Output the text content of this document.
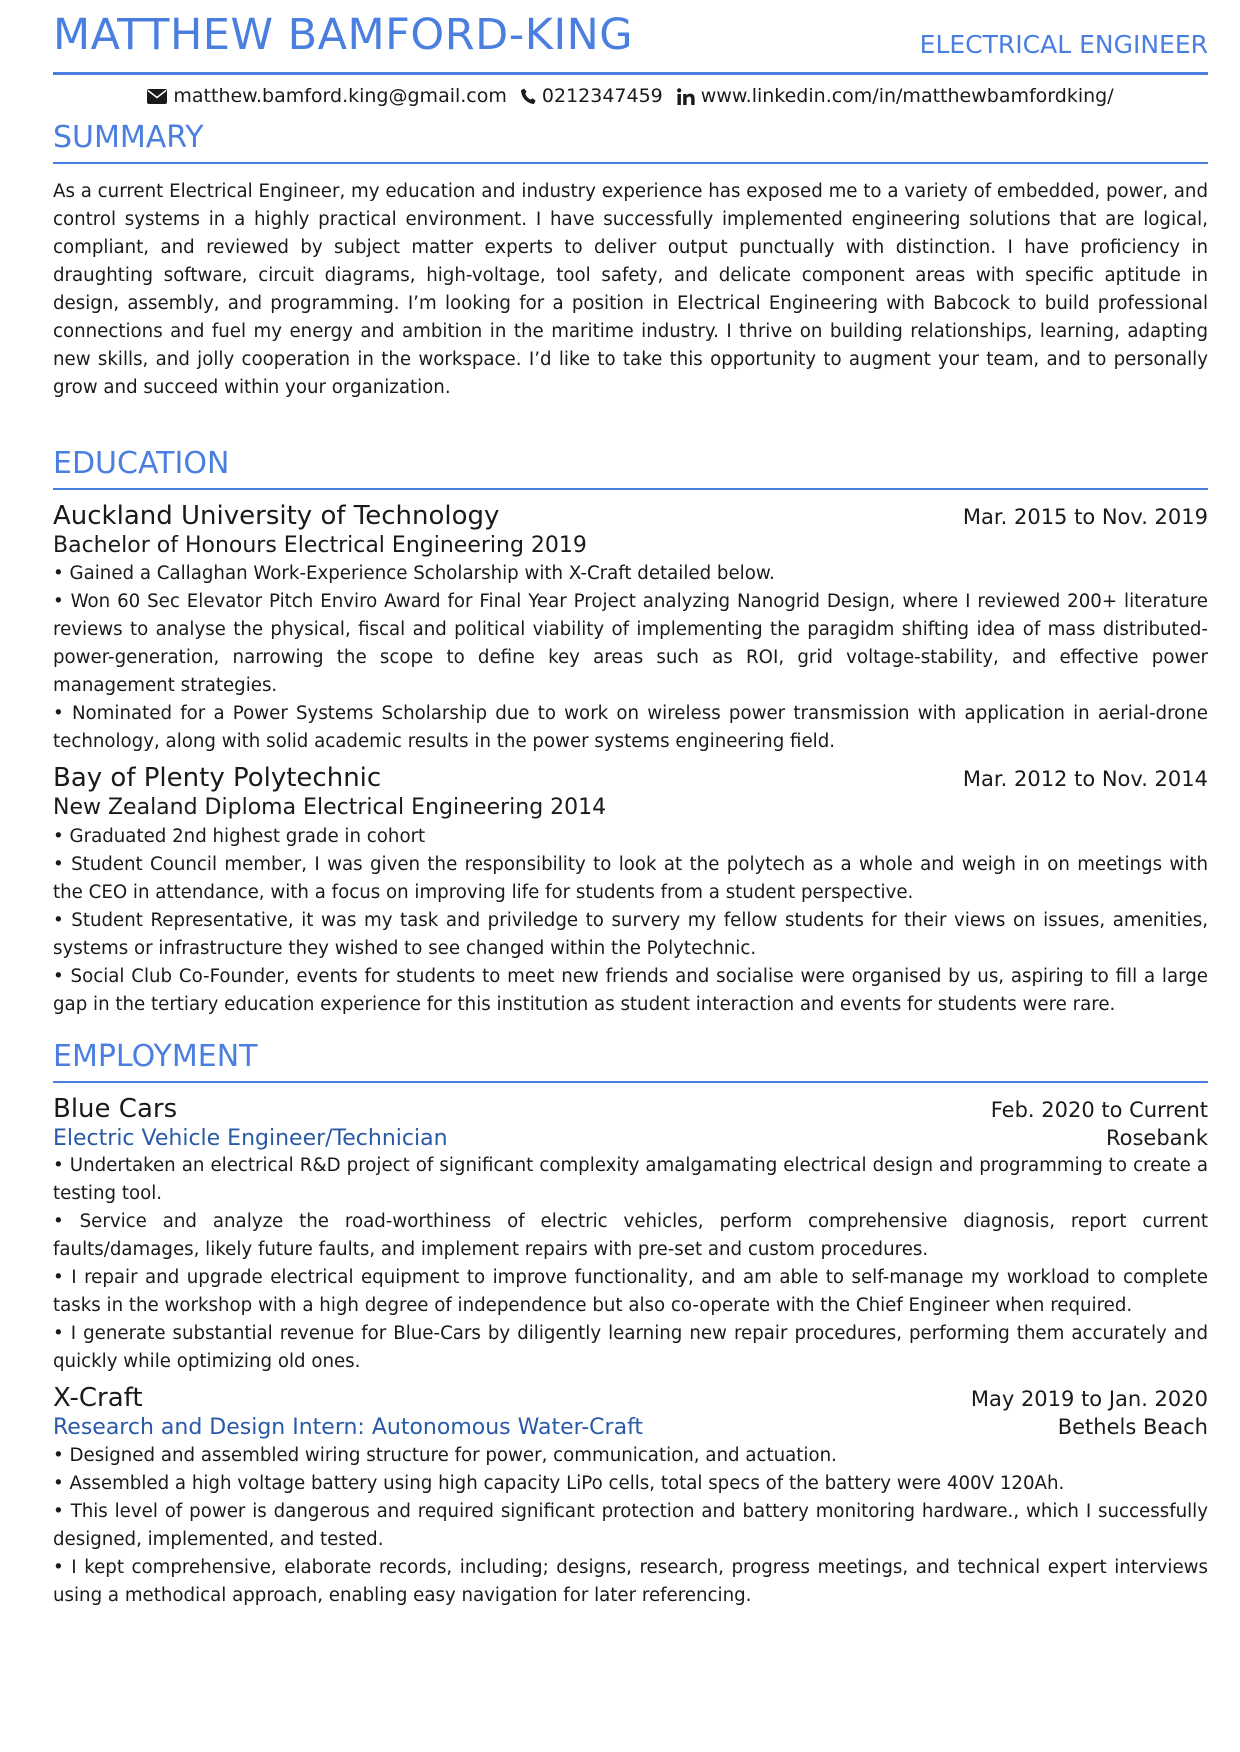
MATTHEW BAMFORD-KING	ELECTRICAL ENGINEER
matthew.bamford.king@gmail.com 0212347459 www.linkedin.com/in/matthewbamfordking/
SUMMARY

As a current Electrical Engineer, my education and industry experience has exposed me to a variety of embedded, power, and control systems in a highly practical environment. I have successfully implemented engineering solutions that are logical, compliant, and reviewed by subject matter experts to deliver output punctually with distinction. I have proficiency in draughting software, circuit diagrams, high-voltage, tool safety, and delicate component areas with specific aptitude in design, assembly, and programming. I’m looking for a position in Electrical Engineering with Babcock to build professional connections and fuel my energy and ambition in the maritime industry. I thrive on building relationships, learning, adapting new skills, and jolly cooperation in the workspace. I’d like to take this opportunity to augment your team, and to personally grow and succeed within your organization.

EDUCATION
Auckland University of Technology	Mar. 2015 to Nov. 2019
Bachelor of Honours Electrical Engineering 2019

• Gained a Callaghan Work-Experience Scholarship with X-Craft detailed below.

• Won 60 Sec Elevator Pitch Enviro Award for Final Year Project analyzing Nanogrid Design, where I reviewed 200+ literature reviews to analyse the physical, fiscal and political viability of implementing the paragidm shifting idea of mass distributed-power-generation, narrowing the scope to define key areas such as ROI, grid voltage-stability, and effective power management strategies.

• Nominated for a Power Systems Scholarship due to work on wireless power transmission with application in aerial-drone technology, along with solid academic results in the power systems engineering field.

Bay of Plenty Polytechnic	Mar. 2012 to Nov. 2014
New Zealand Diploma Electrical Engineering 2014

• Graduated 2nd highest grade in cohort

• Student Council member, I was given the responsibility to look at the polytech as a whole and weigh in on meetings with the CEO in attendance, with a focus on improving life for students from a student perspective.

• Student Representative, it was my task and priviledge to survery my fellow students for their views on issues, amenities, systems or infrastructure they wished to see changed within the Polytechnic.

• Social Club Co-Founder, events for students to meet new friends and socialise were organised by us, aspiring to fill a large gap in the tertiary education experience for this institution as student interaction and events for students were rare.

EMPLOYMENT
Blue Cars	Feb. 2020 to Current
Electric Vehicle Engineer/Technician	Rosebank

• Undertaken an electrical R&D project of significant complexity amalgamating electrical design and programming to create a testing tool.

• Service and analyze the road-worthiness of electric vehicles, perform comprehensive diagnosis, report current faults/damages, likely future faults, and implement repairs with pre-set and custom procedures.

• I repair and upgrade electrical equipment to improve functionality, and am able to self-manage my workload to complete tasks in the workshop with a high degree of independence but also co-operate with the Chief Engineer when required.

• I generate substantial revenue for Blue-Cars by diligently learning new repair procedures, performing them accurately and quickly while optimizing old ones.

X-Craft	May 2019 to Jan. 2020
Research and Design Intern: Autonomous Water-Craft	Bethels Beach

• Designed and assembled wiring structure for power, communication, and actuation.

• Assembled a high voltage battery using high capacity LiPo cells, total specs of the battery were 400V 120Ah.

• This level of power is dangerous and required significant protection and battery monitoring hardware., which I successfully designed, implemented, and tested.

• I kept comprehensive, elaborate records, including; designs, research, progress meetings, and technical expert interviews using a methodical approach, enabling easy navigation for later referencing.
